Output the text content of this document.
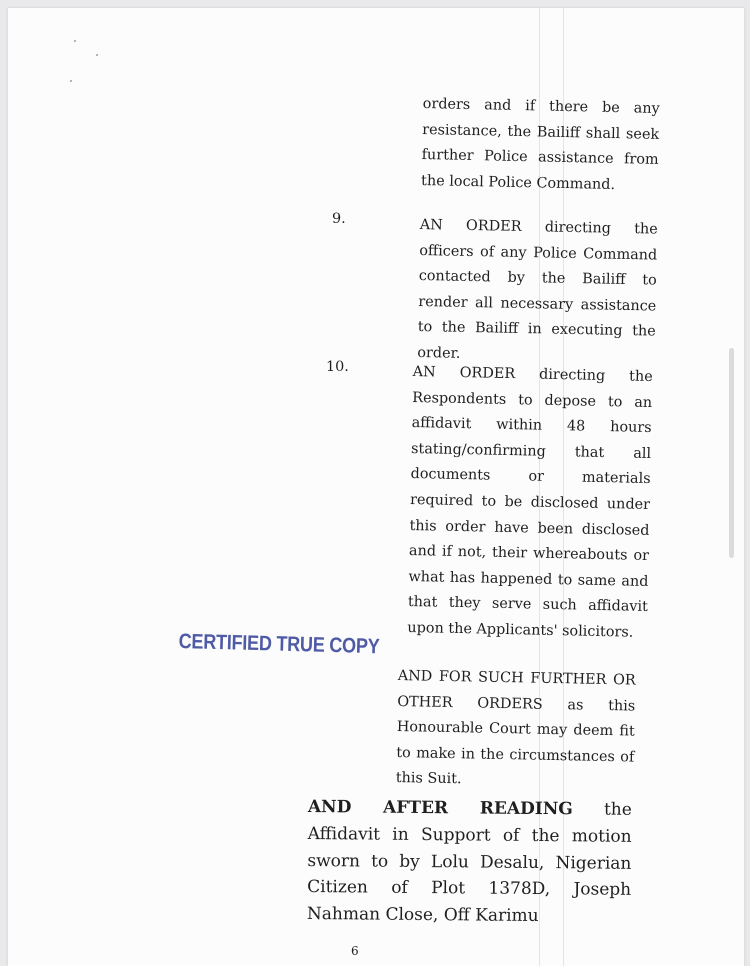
orders and if there be any resistance, the Bailiff shall seek further Police assistance from the local Police Command.

9.	AN ORDER directing the officers of any Police Command contacted by the Bailiff to render all necessary assistance to the Bailiff in executing the order.

10.	AN ORDER directing the Respondents to depose to an affidavit within 48 hours stating/confirming that all documents or materials required to be disclosed under this order have been disclosed and if not, their whereabouts or what has happened to same and that they serve such affidavit upon the Applicants' solicitors.

CERTIFIED TRUE COPY

AND FOR SUCH FURTHER OR OTHER ORDERS as this Honourable Court may deem fit to make in the circumstances of this Suit.

AND AFTER READING the Affidavit in Support of the motion sworn to by Lolu Desalu, Nigerian Citizen of Plot 1378D, Joseph Nahman Close, Off Karimu

6
